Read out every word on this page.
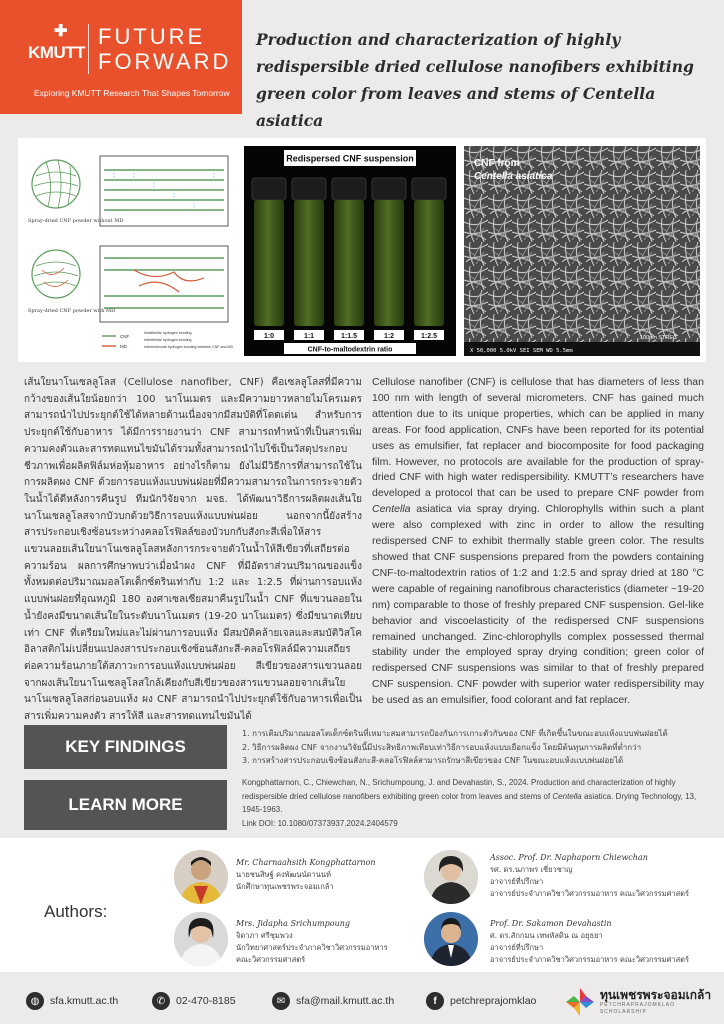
✚
KMUTT
FUTURE
FORWARD
Exploring KMUTT Research That Shapes Tomorrow
Production and characterization of highly redispersible dried cellulose nanofibers exhibiting green color from leaves and stems of Centella asiatica
Spray-dried CNF powder without MD
Spray-dried CNF powder with MD
CNF
MD
Intrafibrillar hydrogen bonding
Interfibrillar hydrogen bonding
Intermolecular hydrogen bonding between CNF and MD
Redispersed CNF suspension
1:0	1:1	1:1.5	1:2	1:2.5
CNF-to-maltodextrin ratio
CNF from
Centella asiatica
100nm STREC
X 50,000 5.0kV SEI SEM WD 5.5mm
เส้นใยนาโนเซลลูโลส (Cellulose nanofiber, CNF) คือเซลลูโลสที่มีความกว้างของเส้นใยน้อยกว่า 100 นาโนเมตร และมีความยาวหลายไมโครเมตร สามารถนำไปประยุกต์ใช้ได้หลายด้านเนื่องจากมีสมบัติที่โดดเด่น สำหรับการประยุกต์ใช้กับอาหาร ได้มีการรายงานว่า CNF สามารถทำหน้าที่เป็นสารเพิ่มความคงตัวและสารทดแทนไขมันได้รวมทั้งสามารถนำไปใช้เป็นวัสดุประกอบชีวภาพเพื่อผลิตฟิล์มห่อหุ้มอาหาร อย่างไรก็ตาม ยังไม่มีวิธีการที่สามารถใช้ในการผลิตผง CNF ด้วยการอบแห้งแบบพ่นฝอยที่มีความสามารถในการกระจายตัวในน้ำได้ดีหลังการคืนรูป ทีมนักวิจัยจาก มจธ. ได้พัฒนาวิธีการผลิตผงเส้นใยนาโนเซลลูโลสจากบัวบกด้วยวิธีการอบแห้งแบบพ่นฝอย นอกจากนี้ยังสร้างสารประกอบเชิงซ้อนระหว่างคลอโรฟิลล์ของบัวบกกับสังกะสีเพื่อให้สารแขวนลอยเส้นใยนาโนเซลลูโลสหลังการกระจายตัวในน้ำให้สีเขียวที่เสถียรต่อความร้อน ผลการศึกษาพบว่าเมื่อนำผง CNF ที่มีอัตราส่วนปริมาณของแข็งทั้งหมดต่อปริมาณมอลโตเด็กซ์ตรินเท่ากับ 1:2 และ 1:2.5 ที่ผ่านการอบแห้งแบบพ่นฝอยที่อุณหภูมิ 180 องศาเซลเซียสมาคืนรูปในน้ำ CNF ที่แขวนลอยในน้ำยังคงมีขนาดเส้นใยในระดับนาโนเมตร (19-20 นาโนเมตร) ซึ่งมีขนาดเทียบเท่า CNF ที่เตรียมใหม่และไม่ผ่านการอบแห้ง มีสมบัติคล้ายเจลและสมบัติวิสโคอิลาสติกไม่เปลี่ยนแปลงสารประกอบเชิงซ้อนสังกะสี-คลอโรฟิลล์มีความเสถียรต่อความร้อนภายใต้สภาวะการอบแห้งแบบพ่นฝอย สีเขียวของสารแขวนลอยจากผงเส้นใยนาโนเซลลูโลสใกล้เคียงกับสีเขียวของสารแขวนลอยจากเส้นใยนาโนเซลลูโลสก่อนอบแห้ง ผง CNF สามารถนำไปประยุกต์ใช้กับอาหารเพื่อเป็นสารเพิ่มความคงตัว สารให้สี และสารทดแทนไขมันได้
Cellulose nanofiber (CNF) is cellulose that has diameters of less than 100 nm with length of several micrometers. CNF has gained much attention due to its unique properties, which can be applied in many areas. For food application, CNFs have been reported for its potential uses as emulsifier, fat replacer and biocomposite for food packaging film. However, no protocols are available for the production of spray-dried CNF with high water redispersibility. KMUTT’s researchers have developed a protocol that can be used to prepare CNF powder from Centella asiatica via spray drying. Chlorophylls within such a plant were also complexed with zinc in order to allow the resulting redispersed CNF to exhibit thermally stable green color. The results showed that CNF suspensions prepared from the powders containing CNF-to-maltodextrin ratios of 1:2 and 1:2.5 and spray dried at 180 °C were capable of regaining nanofibrous characteristics (diameter ~19-20 nm) comparable to those of freshly prepared CNF suspension. Gel-like behavior and viscoelasticity of the redispersed CNF suspensions remained unchanged. Zinc-chlorophylls complex possessed thermal stability under the employed spray drying condition; green color of redispersed CNF suspensions was similar to that of freshly prepared CNF suspension. CNF powder with superior water redispersibility may be used as an emulsifier, food colorant and fat replacer.
KEY FINDINGS
1. การเติมปริมาณมอลโตเด็กซ์ตรินที่เหมาะสมสามารถป้องกันการเกาะตัวกันของ CNF ที่เกิดขึ้นในขณะอบแห้งแบบพ่นฝอยได้
2. วิธีการผลิตผง CNF จากงานวิจัยนี้มีประสิทธิภาพเทียบเท่าวิธีการอบแห้งแบบเยือกแข็ง โดยมีต้นทุนการผลิตที่ต่ำกว่า
3. การสร้างสารประกอบเชิงซ้อนสังกะสี-คลอโรฟิลล์สามารถรักษาสีเขียวของ CNF ในขณะอบแห้งแบบพ่นฝอยได้
LEARN MORE
Kongphattarnon, C., Chiewchan, N., Srichumpoung, J. and Devahastin, S., 2024. Production and characterization of highly redispersible dried cellulose nanofibers exhibiting green color from leaves and stems of Centella asiatica. Drying Technology, 13, 1945-1963.
Link DOI: 10.1080/07373937.2024.2404579
Authors:
Mr. Charnaahsith Kongphattarnon
นายชนสิษฐ์ คงพัฒนน์ดานนท์
นักศึกษาทุนเพชรพระจอมเกล้า
Assoc. Prof. Dr. Naphaporn Chiewchan
รศ. ดร.นภาพร เชี่ยวชาญ
อาจารย์ที่ปรึกษา
อาจารย์ประจำภาควิชาวิศวกรรมอาหาร คณะวิศวกรรมศาสตร์
Mrs. Jidapha Srichumpoung
จิดาภา ศรีชุมพวง
นักวิทยาศาสตร์ประจำภาควิชาวิศวกรรมอาหาร
คณะวิศวกรรมศาสตร์
Prof. Dr. Sakamon Devahastin
ศ. ดร.สักกมน เทพหัสดิน ณ อยุธยา
อาจารย์ที่ปรึกษา
อาจารย์ประจำภาควิชาวิศวกรรมอาหาร คณะวิศวกรรมศาสตร์
◍	sfa.kmutt.ac.th	✆	02-470-8185	✉	sfa@mail.kmutt.ac.th	f	petchreprajomklao	ทุนเพชรพระจอมเกล้า
PETCHRAPRAJOMKLAO SCHOLARSHIP
